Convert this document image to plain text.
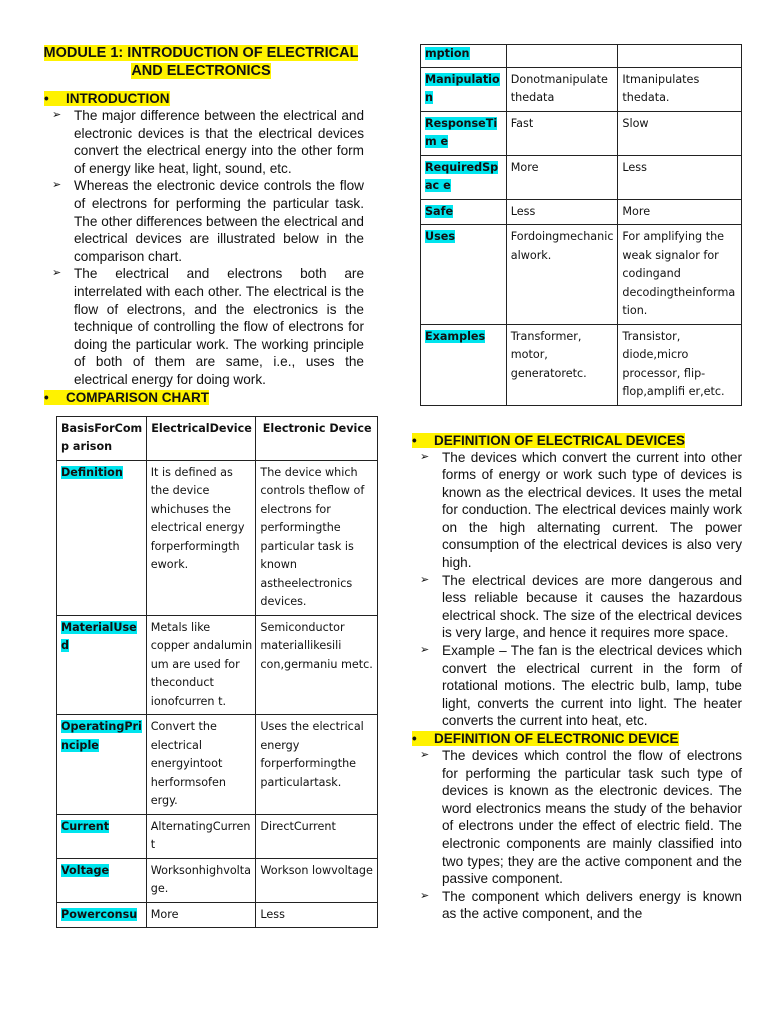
MODULE 1: INTRODUCTION OF ELECTRICAL
AND ELECTRONICS
• INTRODUCTION
➢ The major difference between the electrical and electronic devices is that the electrical devices convert the electrical energy into the other form of energy like heat, light, sound, etc.
➢ Whereas the electronic device controls the flow of electrons for performing the particular task. The other differences between the electrical and electrical devices are illustrated below in the comparison chart.
➢ The electrical and electrons both are interrelated with each other. The electrical is the flow of electrons, and the electronics is the technique of controlling the flow of electrons for doing the particular work. The working principle of both of them are same, i.e., uses the electrical energy for doing work.
• COMPARISON CHART
BasisForComp arison	ElectricalDevice	Electronic Device
Definition	It is defined as the device whichuses the electrical energy forperformingth ework.	The device which controls theflow of electrons for performingthe particular task is known astheelectronics devices.
MaterialUsed	Metals like copper andalumin um are used for theconduct ionofcurren t.	Semiconductor materiallikesili con,germaniu metc.
OperatingPri nciple	Convert the electrical energyintoot herformsofen ergy.	Uses the electrical energy forperformingthe particulartask.
Current	AlternatingCurren t	DirectCurrent
Voltage	Worksonhighvolta ge.	Workson lowvoltage
Powerconsu	More	Less
mption		
Manipulation	Donotmanipulate thedata	Itmanipulates thedata.
ResponseTim e	Fast	Slow
RequiredSpac e	More	Less
Safe	Less	More
Uses	Fordoingmechanic alwork.	For amplifying the weak signalor for codingand decodingtheinforma tion.
Examples	Transformer, motor, generatoretc.	Transistor, diode,micro processor, flip- flop,amplifi er,etc.
• DEFINITION OF ELECTRICAL DEVICES
➢ The devices which convert the current into other forms of energy or work such type of devices is known as the electrical devices. It uses the metal for conduction. The electrical devices mainly work on the high alternating current. The power consumption of the electrical devices is also very high.
➢ The electrical devices are more dangerous and less reliable because it causes the hazardous electrical shock. The size of the electrical devices is very large, and hence it requires more space.
➢ Example – The fan is the electrical devices which convert the electrical current in the form of rotational motions. The electric bulb, lamp, tube light, converts the current into light. The heater converts the current into heat, etc.
• DEFINITION OF ELECTRONIC DEVICE
➢ The devices which control the flow of electrons for performing the particular task such type of devices is known as the electronic devices. The word electronics means the study of the behavior of electrons under the effect of electric field. The electronic components are mainly classified into two types; they are the active component and the passive component.
➢ The component which delivers energy is known as the active component, and the
